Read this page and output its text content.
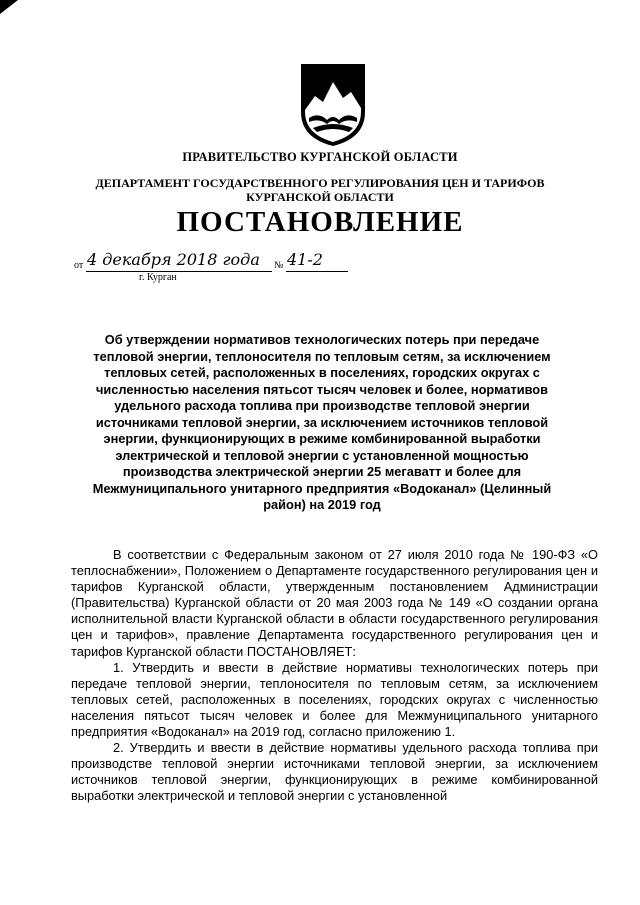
ПРАВИТЕЛЬСТВО КУРГАНСКОЙ ОБЛАСТИ
ДЕПАРТАМЕНТ ГОСУДАРСТВЕННОГО РЕГУЛИРОВАНИЯ ЦЕН И ТАРИФОВ
КУРГАНСКОЙ ОБЛАСТИ
ПОСТАНОВЛЕНИЕ
от 4 декабря 2018 года № 41-2
г. Курган
Об утверждении нормативов технологических потерь при передаче тепловой энергии, теплоносителя по тепловым сетям, за исключением тепловых сетей, расположенных в поселениях, городских округах с численностью населения пятьсот тысяч человек и более, нормативов удельного расхода топлива при производстве тепловой энергии источниками тепловой энергии, за исключением источников тепловой энергии, функционирующих в режиме комбинированной выработки электрической и тепловой энергии с установленной мощностью производства электрической энергии 25 мегаватт и более для Межмуниципального унитарного предприятия «Водоканал» (Целинный район) на 2019 год

В соответствии с Федеральным законом от 27 июля 2010 года № 190-ФЗ «О теплоснабжении», Положением о Департаменте государственного регулирования цен и тарифов Курганской области, утвержденным постановлением Администрации (Правительства) Курганской области от 20 мая 2003 года № 149 «О создании органа исполнительной власти Курганской области в области государственного регулирования цен и тарифов», правление Департамента государственного регулирования цен и тарифов Курганской области ПОСТАНОВЛЯЕТ:

1. Утвердить и ввести в действие нормативы технологических потерь при передаче тепловой энергии, теплоносителя по тепловым сетям, за исключением тепловых сетей, расположенных в поселениях, городских округах с численностью населения пятьсот тысяч человек и более для Межмуниципального унитарного предприятия «Водоканал» на 2019 год, согласно приложению 1.

2. Утвердить и ввести в действие нормативы удельного расхода топлива при производстве тепловой энергии источниками тепловой энергии, за исключением источников тепловой энергии, функционирующих в режиме комбинированной выработки электрической и тепловой энергии с установленной
